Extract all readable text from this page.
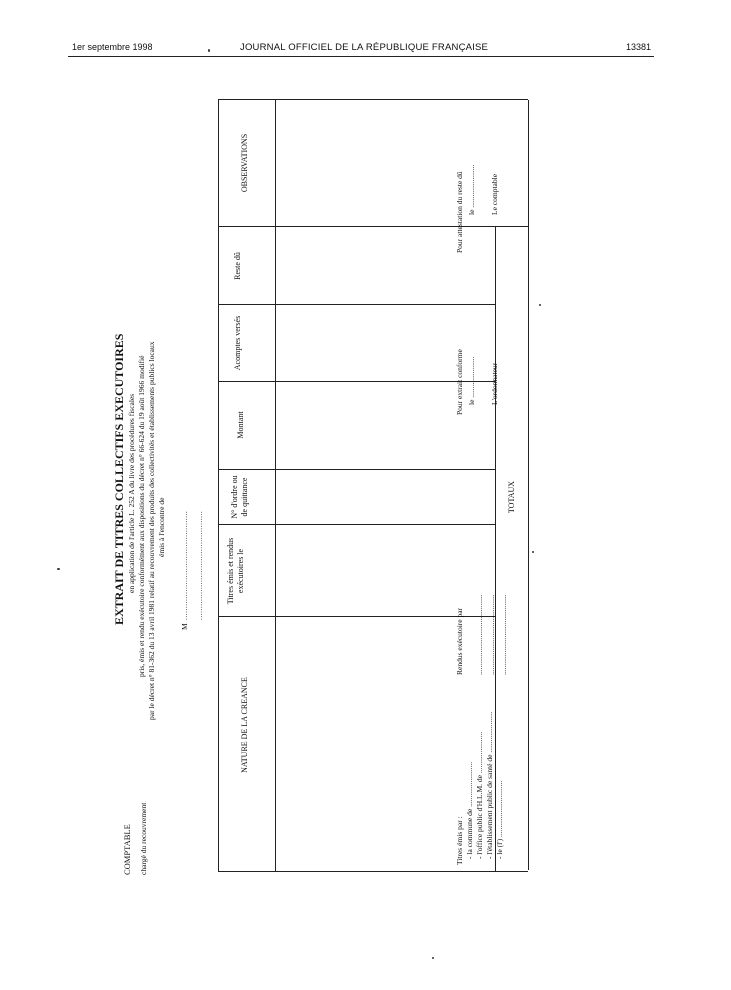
1er septembre 1998	JOURNAL OFFICIEL DE LA RÉPUBLIQUE FRANÇAISE	13381
COMPTABLE chargé du recouvrement
EXTRAIT DE TITRES COLLECTIFS EXECUTOIRES en application de l'article L. 252 A du livre des procédures fiscales pris, émis et rendu exécutoire conformément aux dispositions du décret n° 66-624 du 19 août 1966 modifié par le décret n° 81-362 du 13 avril 1981 relatif au recouvrement des produits des collectivités et établissements publics locaux émis à l'encontre de
M
.............................................. ..............................................
NATURE DE LA CREANCE
Titres émis et rendus exécutoires le
N° d'ordre ou de quittance
Montant
Acomptes versés
Reste dû
OBSERVATIONS
TOTAUX
Titres émis par : - la commune de ........................ - l'office public d'H.L.M. de ...................... - l'établissement public de santé de ...................... - le (l') ..............................
Rendus exécutoire par ........................................... ........................................... ...........................................
Pour extrait conforme le ...................... L'ordonnateur
Pour attestation du reste dû le ....................... Le comptable
